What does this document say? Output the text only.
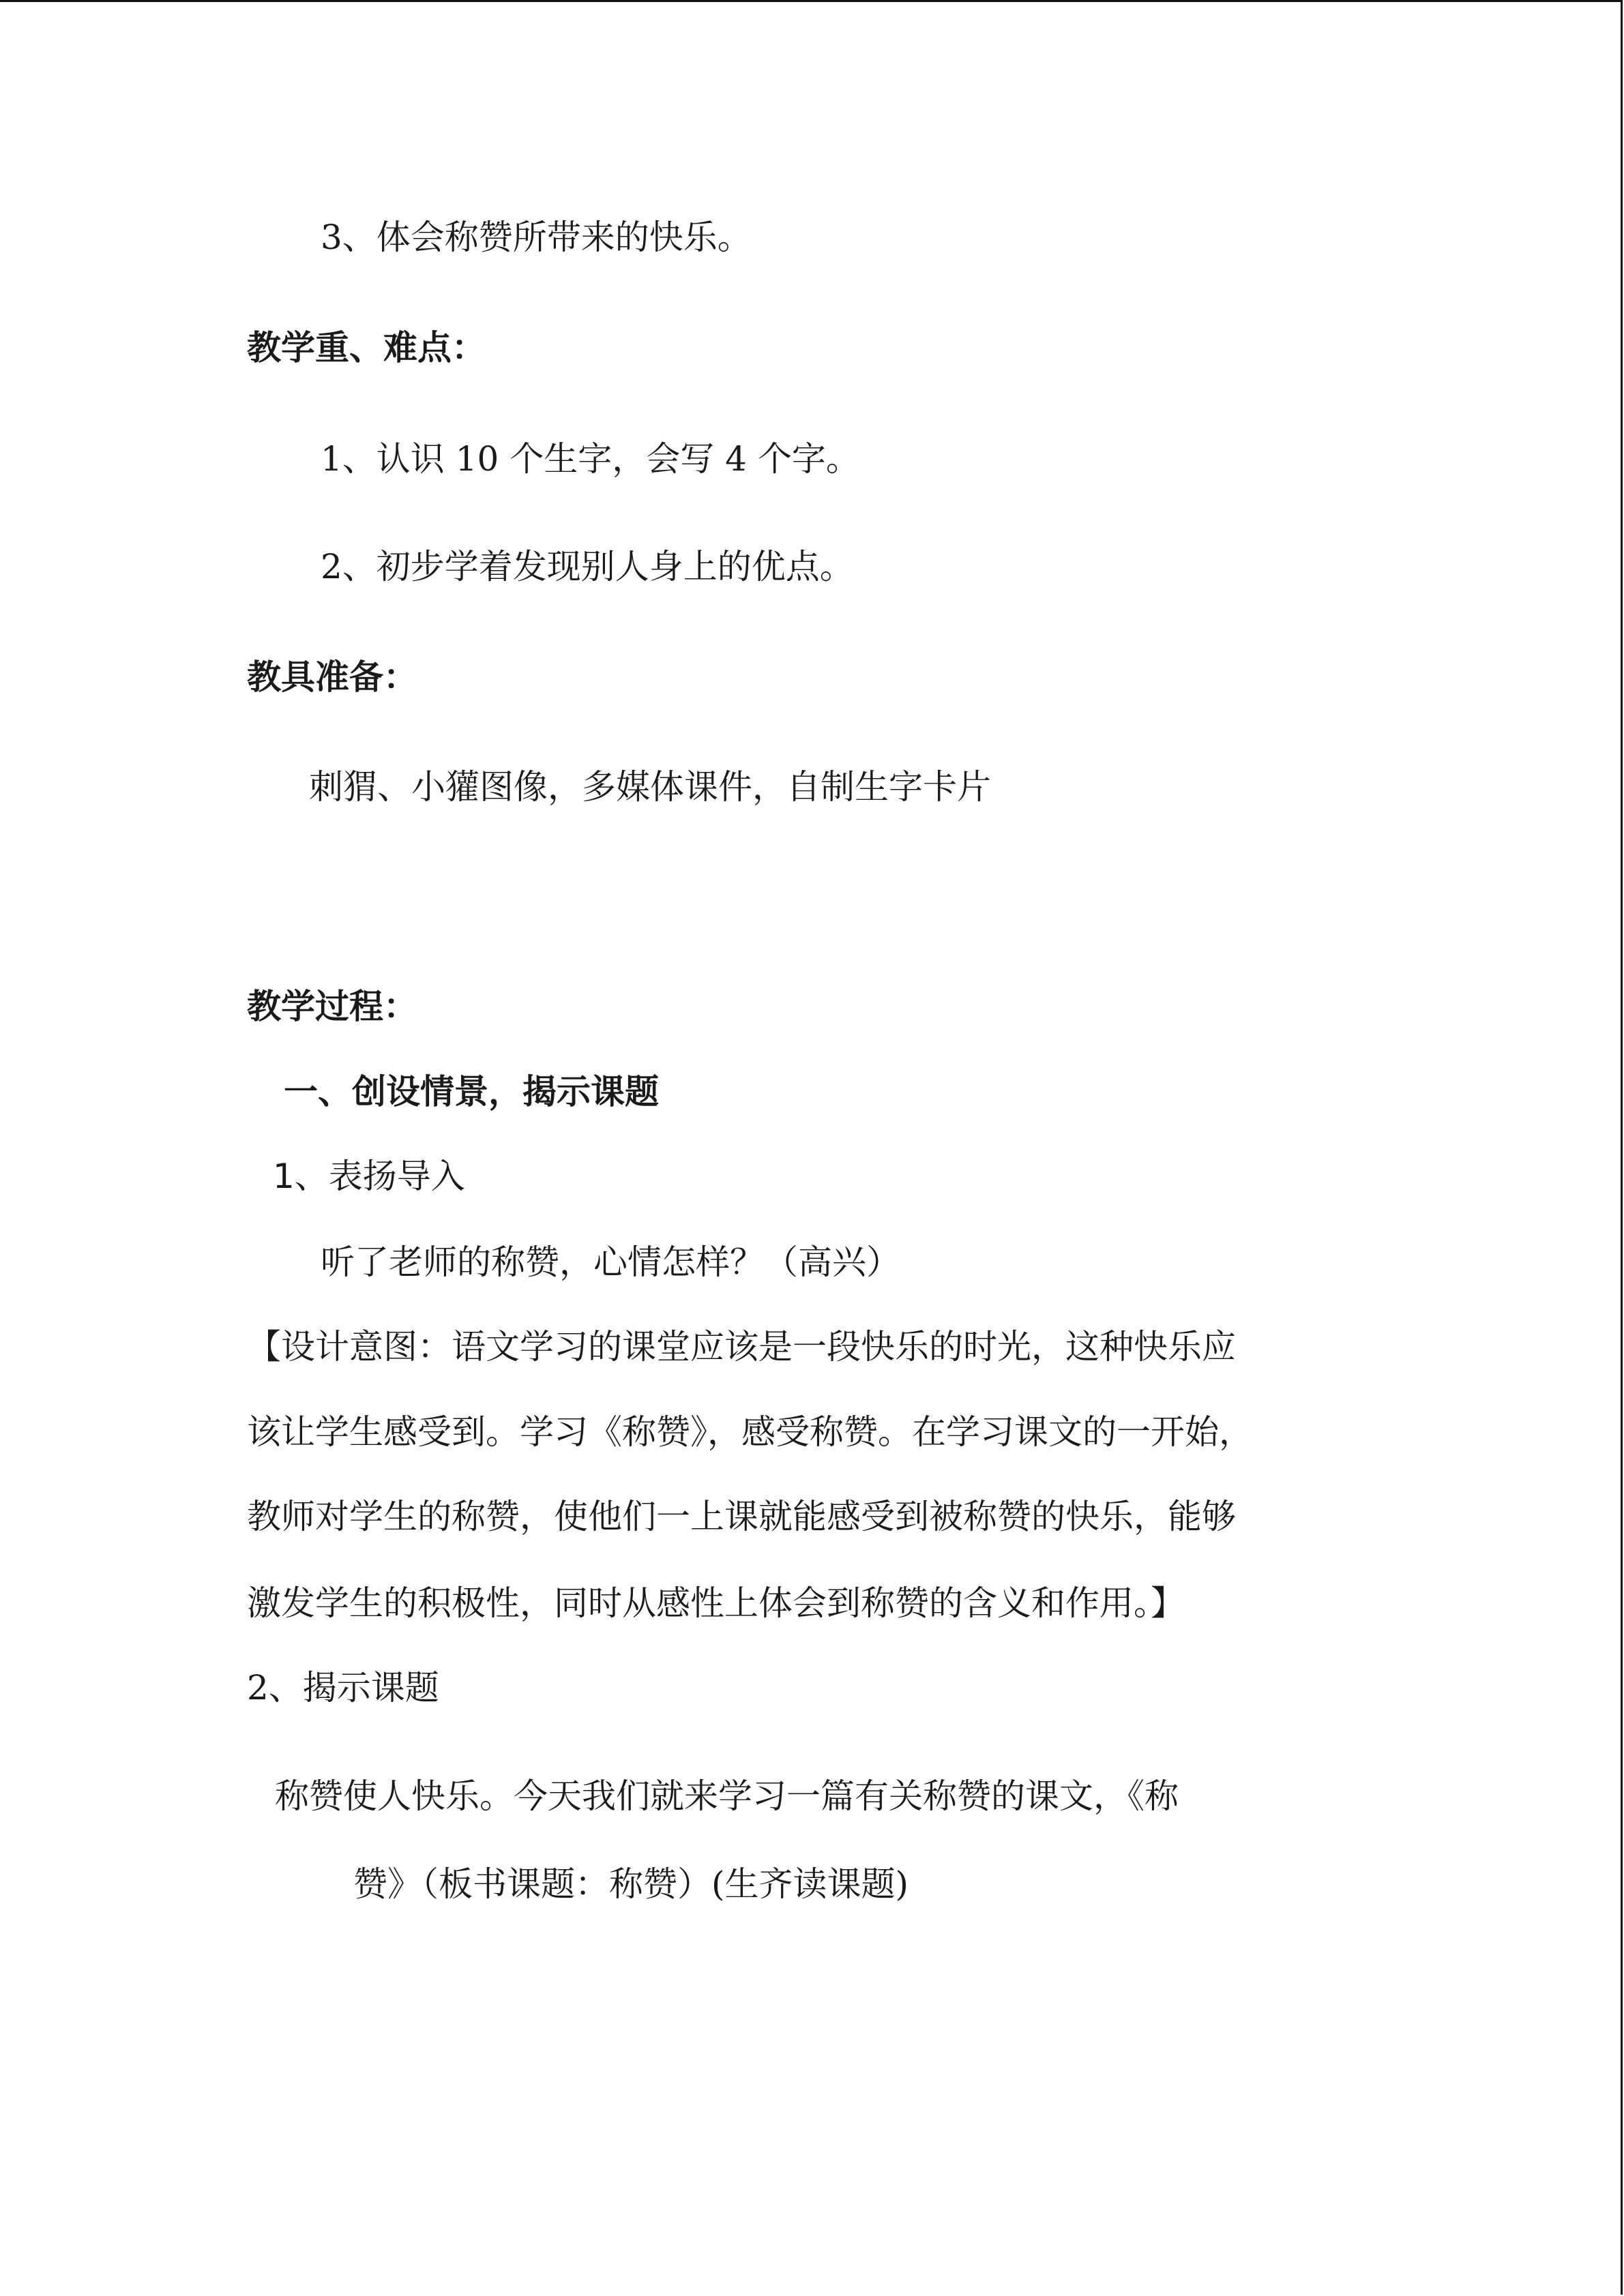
3、体会称赞所带来的快乐。
教学重、难点：
1、认识 10 个生字，会写 4 个字。
2、初步学着发现别人身上的优点。
教具准备：
刺猬、小獾图像，多媒体课件，自制生字卡片
教学过程：
一、创设情景，揭示课题
1、表扬导入
听了老师的称赞，心情怎样？（高兴）
【设计意图：语文学习的课堂应该是一段快乐的时光，这种快乐应
该让学生感受到。学习《称赞》，感受称赞。在学习课文的一开始，
教师对学生的称赞，使他们一上课就能感受到被称赞的快乐，能够
激发学生的积极性，同时从感性上体会到称赞的含义和作用。】
2、揭示课题
称赞使人快乐。今天我们就来学习一篇有关称赞的课文，《称
赞》（板书课题：称赞）(生齐读课题)
